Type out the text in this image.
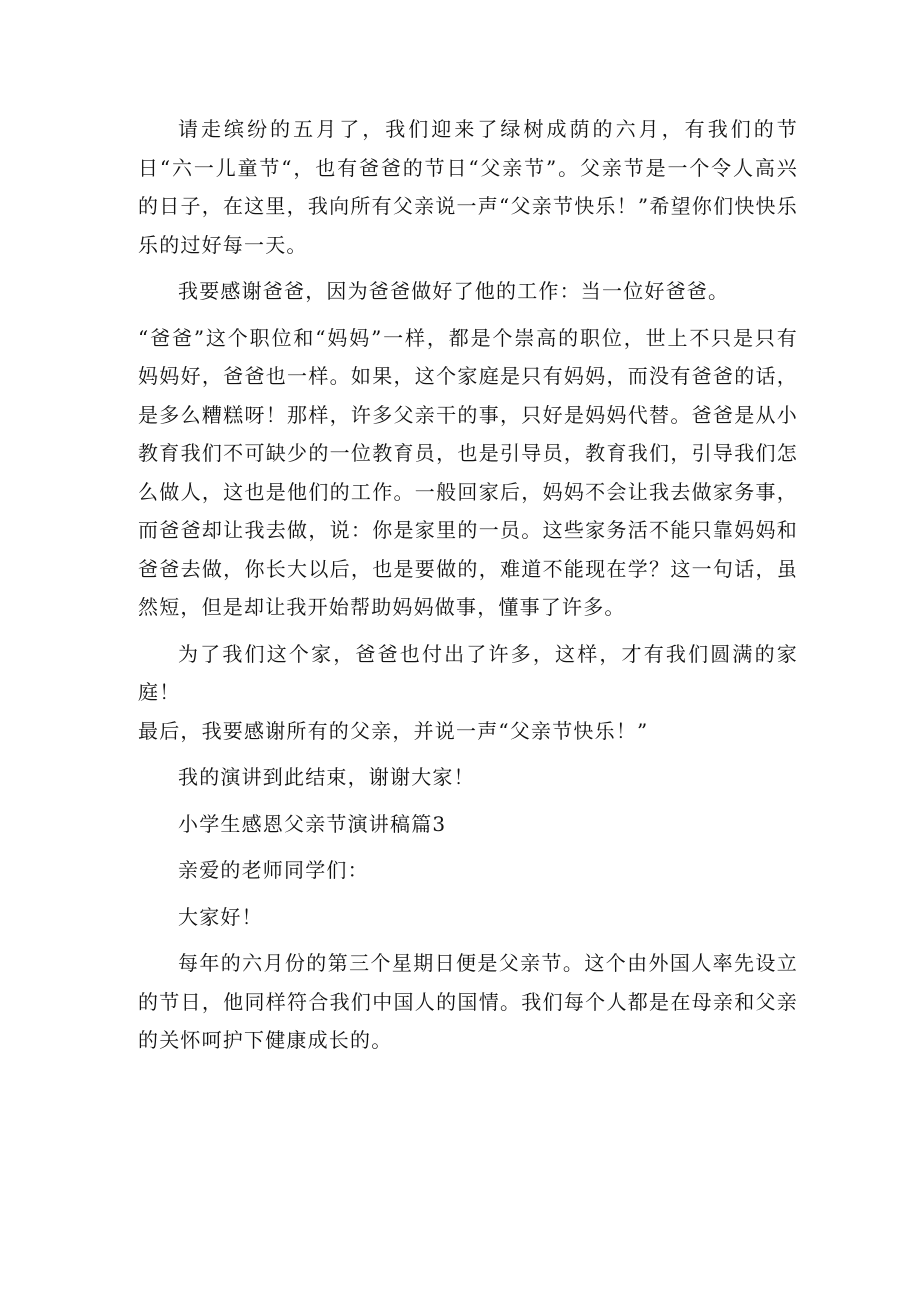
请走缤纷的五月了，我们迎来了绿树成荫的六月，有我们的节日“六一儿童节“，也有爸爸的节日“父亲节”。父亲节是一个令人高兴的日子，在这里，我向所有父亲说一声“父亲节快乐！”希望你们快快乐乐的过好每一天。

我要感谢爸爸，因为爸爸做好了他的工作：当一位好爸爸。

“爸爸”这个职位和“妈妈”一样，都是个崇高的职位，世上不只是只有妈妈好，爸爸也一样。如果，这个家庭是只有妈妈，而没有爸爸的话，是多么糟糕呀！那样，许多父亲干的事，只好是妈妈代替。爸爸是从小教育我们不可缺少的一位教育员，也是引导员，教育我们，引导我们怎么做人，这也是他们的工作。一般回家后，妈妈不会让我去做家务事，而爸爸却让我去做，说：你是家里的一员。这些家务活不能只靠妈妈和爸爸去做，你长大以后，也是要做的，难道不能现在学？这一句话，虽然短，但是却让我开始帮助妈妈做事，懂事了许多。

为了我们这个家，爸爸也付出了许多，这样，才有我们圆满的家庭！

最后，我要感谢所有的父亲，并说一声“父亲节快乐！”

我的演讲到此结束，谢谢大家！

小学生感恩父亲节演讲稿篇3

亲爱的老师同学们：

大家好！

每年的六月份的第三个星期日便是父亲节。这个由外国人率先设立的节日，他同样符合我们中国人的国情。我们每个人都是在母亲和父亲的关怀呵护下健康成长的。
